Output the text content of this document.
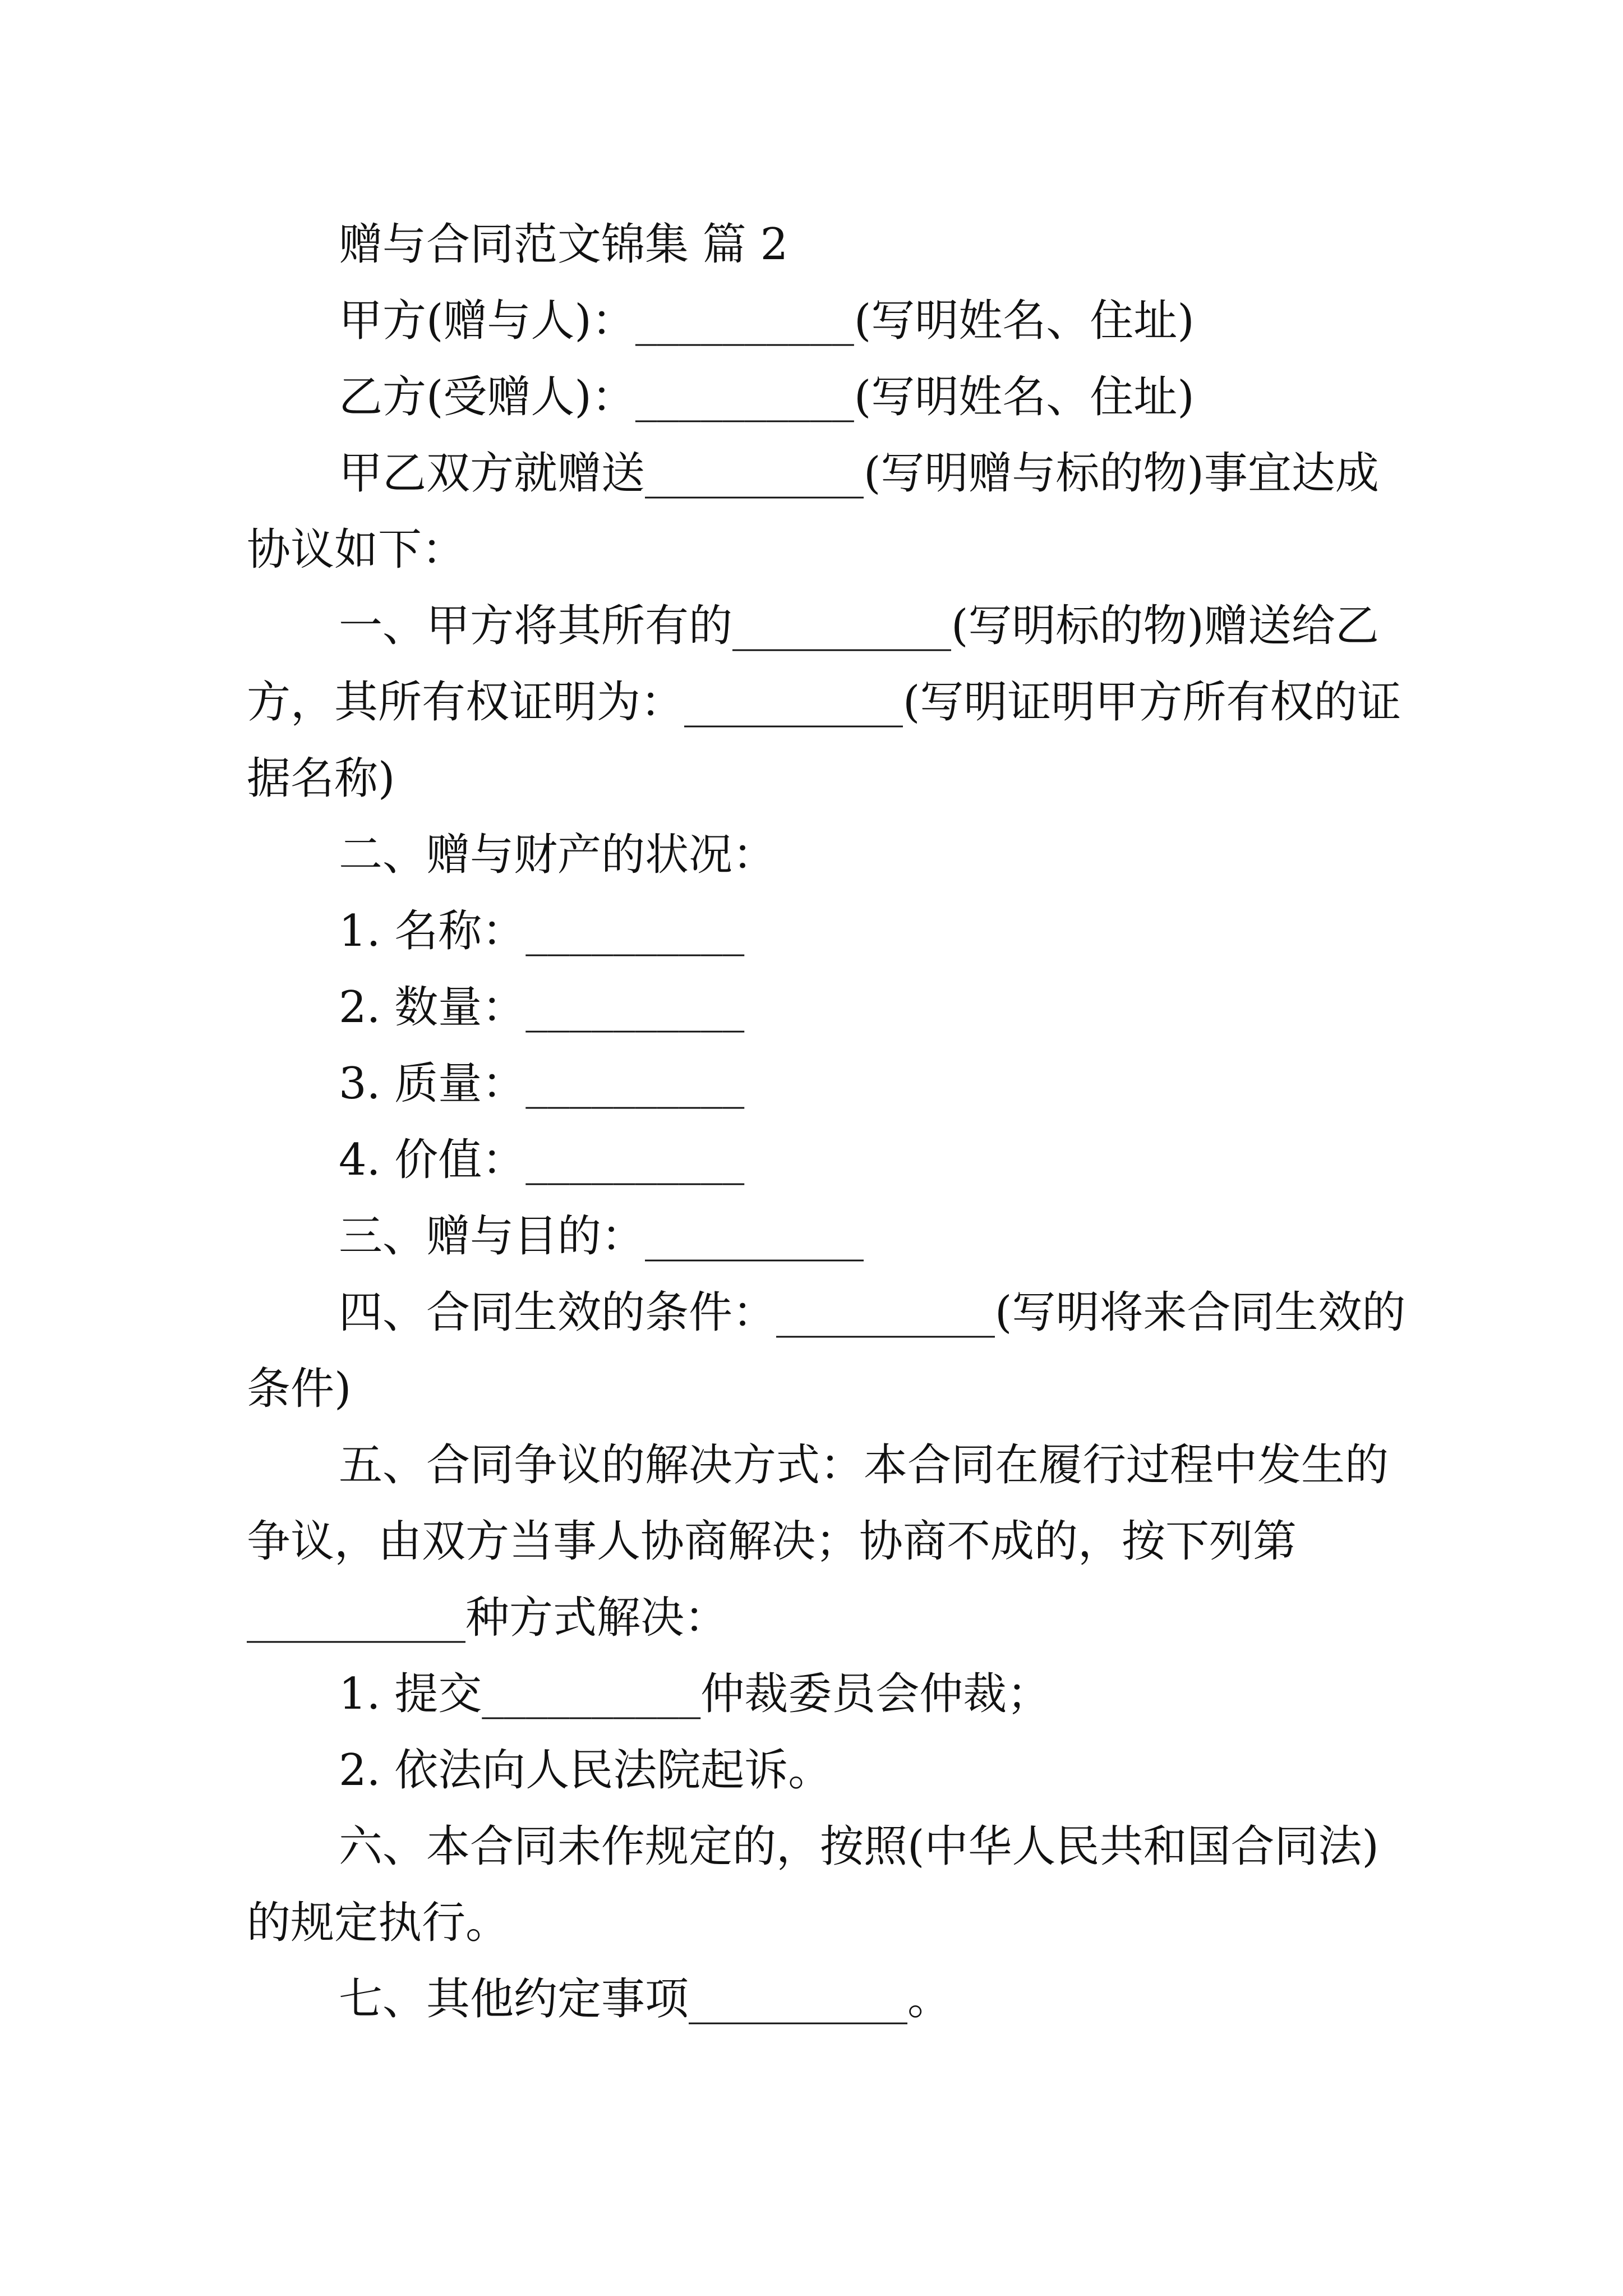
赠与合同范文锦集 篇 2
甲方(赠与人)：__________(写明姓名、住址)
乙方(受赠人)：__________(写明姓名、住址)
甲乙双方就赠送__________(写明赠与标的物)事宜达成
协议如下：
一、甲方将其所有的__________(写明标的物)赠送给乙
方，其所有权证明为：__________(写明证明甲方所有权的证
据名称)
二、赠与财产的状况：
1. 名称：__________
2. 数量：__________
3. 质量：__________
4. 价值：__________
三、赠与目的：__________
四、合同生效的条件：__________(写明将来合同生效的
条件)
五、合同争议的解决方式：本合同在履行过程中发生的
争议，由双方当事人协商解决；协商不成的，按下列第
__________种方式解决：
1. 提交__________仲裁委员会仲裁；
2. 依法向人民法院起诉。
六、本合同未作规定的，按照(中华人民共和国合同法)
的规定执行。
七、其他约定事项__________。
